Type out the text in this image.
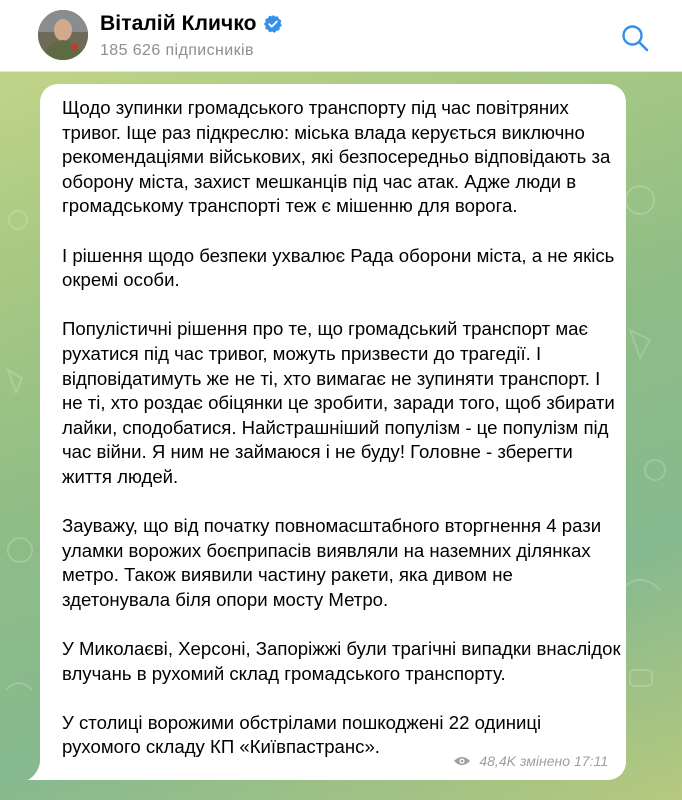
Віталій Кличко
185 626 підписників

Щодо зупинки громадського транспорту під час повітряних тривог. Іще раз підкреслю: міська влада керується виключно рекомендаціями військових, які безпосередньо відповідають за оборону міста, захист мешканців під час атак. Адже люди в громадському транспорті теж є мішенню для ворога.

І рішення щодо безпеки ухвалює Рада оборони міста, а не якісь окремі особи.

Популістичні рішення про те, що громадський транспорт має рухатися під час тривог, можуть призвести до трагедії. І відповідатимуть же не ті, хто вимагає не зупиняти транспорт. І не ті, хто роздає обіцянки це зробити, заради того, щоб збирати лайки, сподобатися. Найстрашніший популізм - це популізм під час війни. Я ним не займаюся і не буду! Головне - зберегти життя людей.

Зауважу, що від початку повномасштабного вторгнення 4 рази уламки ворожих боєприпасів виявляли на наземних ділянках метро. Також виявили частину ракети, яка дивом не здетонувала біля опори мосту Метро.

У Миколаєві, Херсоні, Запоріжжі були трагічні випадки внаслідок влучань в рухомий склад громадського транспорту.

У столиці ворожими обстрілами пошкоджені 22 одиниці рухомого складу КП «Київпастранс».

48,4K змінено 17:11
